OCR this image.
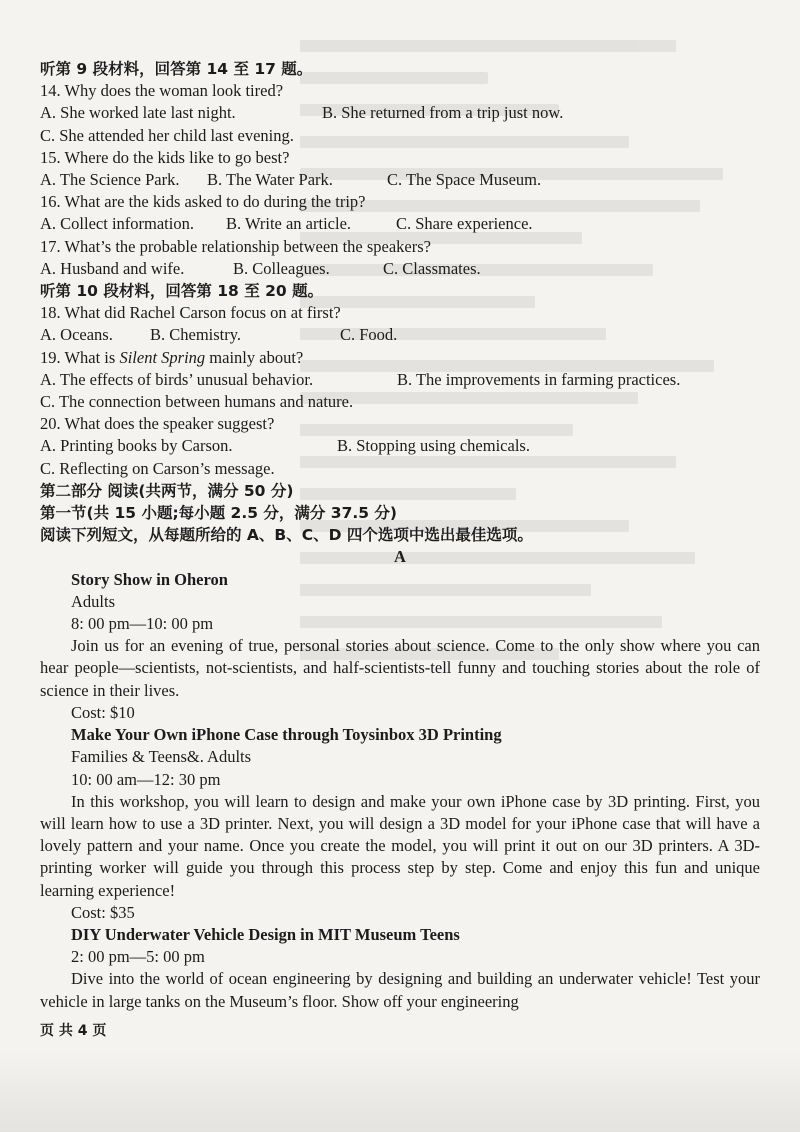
听第 9 段材料，回答第 14 至 17 题。
14. Why does the woman look tired?
A. She worked late last night.	B. She returned from a trip just now.
C. She attended her child last evening.
15. Where do the kids like to go best?
A. The Science Park.	B. The Water Park.	C. The Space Museum.
16. What are the kids asked to do during the trip?
A. Collect information.	B. Write an article.	C. Share experience.
17. What’s the probable relationship between the speakers?
A. Husband and wife.	B. Colleagues.	C. Classmates.
听第 10 段材料，回答第 18 至 20 题。
18. What did Rachel Carson focus on at first?
A. Oceans.	B. Chemistry.	C. Food.
19. What is Silent Spring mainly about?
A. The effects of birds’ unusual behavior.	B. The improvements in farming practices.
C. The connection between humans and nature.
20. What does the speaker suggest?
A. Printing books by Carson.	B. Stopping using chemicals.
C. Reflecting on Carson’s message.
第二部分 阅读(共两节，满分 50 分)
第一节(共 15 小题;每小题 2.5 分，满分 37.5 分)
阅读下列短文，从每题所给的 A、B、C、D 四个选项中选出最佳选项。
A
Story Show in Oheron
Adults
8: 00 pm—10: 00 pm
Join us for an evening of true, personal stories about science. Come to the only show where you can hear people—scientists, not-scientists, and half-scientists-tell funny and touching stories about the role of science in their lives.
Cost: $10
Make Your Own iPhone Case through Toysinbox 3D Printing
Families & Teens&. Adults
10: 00 am—12: 30 pm
In this workshop, you will learn to design and make your own iPhone case by 3D printing. First, you will learn how to use a 3D printer. Next, you will design a 3D model for your iPhone case that will have a lovely pattern and your name. Once you create the model, you will print it out on our 3D printers. A 3D-printing worker will guide you through this process step by step. Come and enjoy this fun and unique learning experience!
Cost: $35
DIY Underwater Vehicle Design in MIT Museum Teens
2: 00 pm—5: 00 pm
Dive into the world of ocean engineering by designing and building an underwater vehicle! Test your vehicle in large tanks on the Museum’s floor. Show off your engineering
页 共 4 页
